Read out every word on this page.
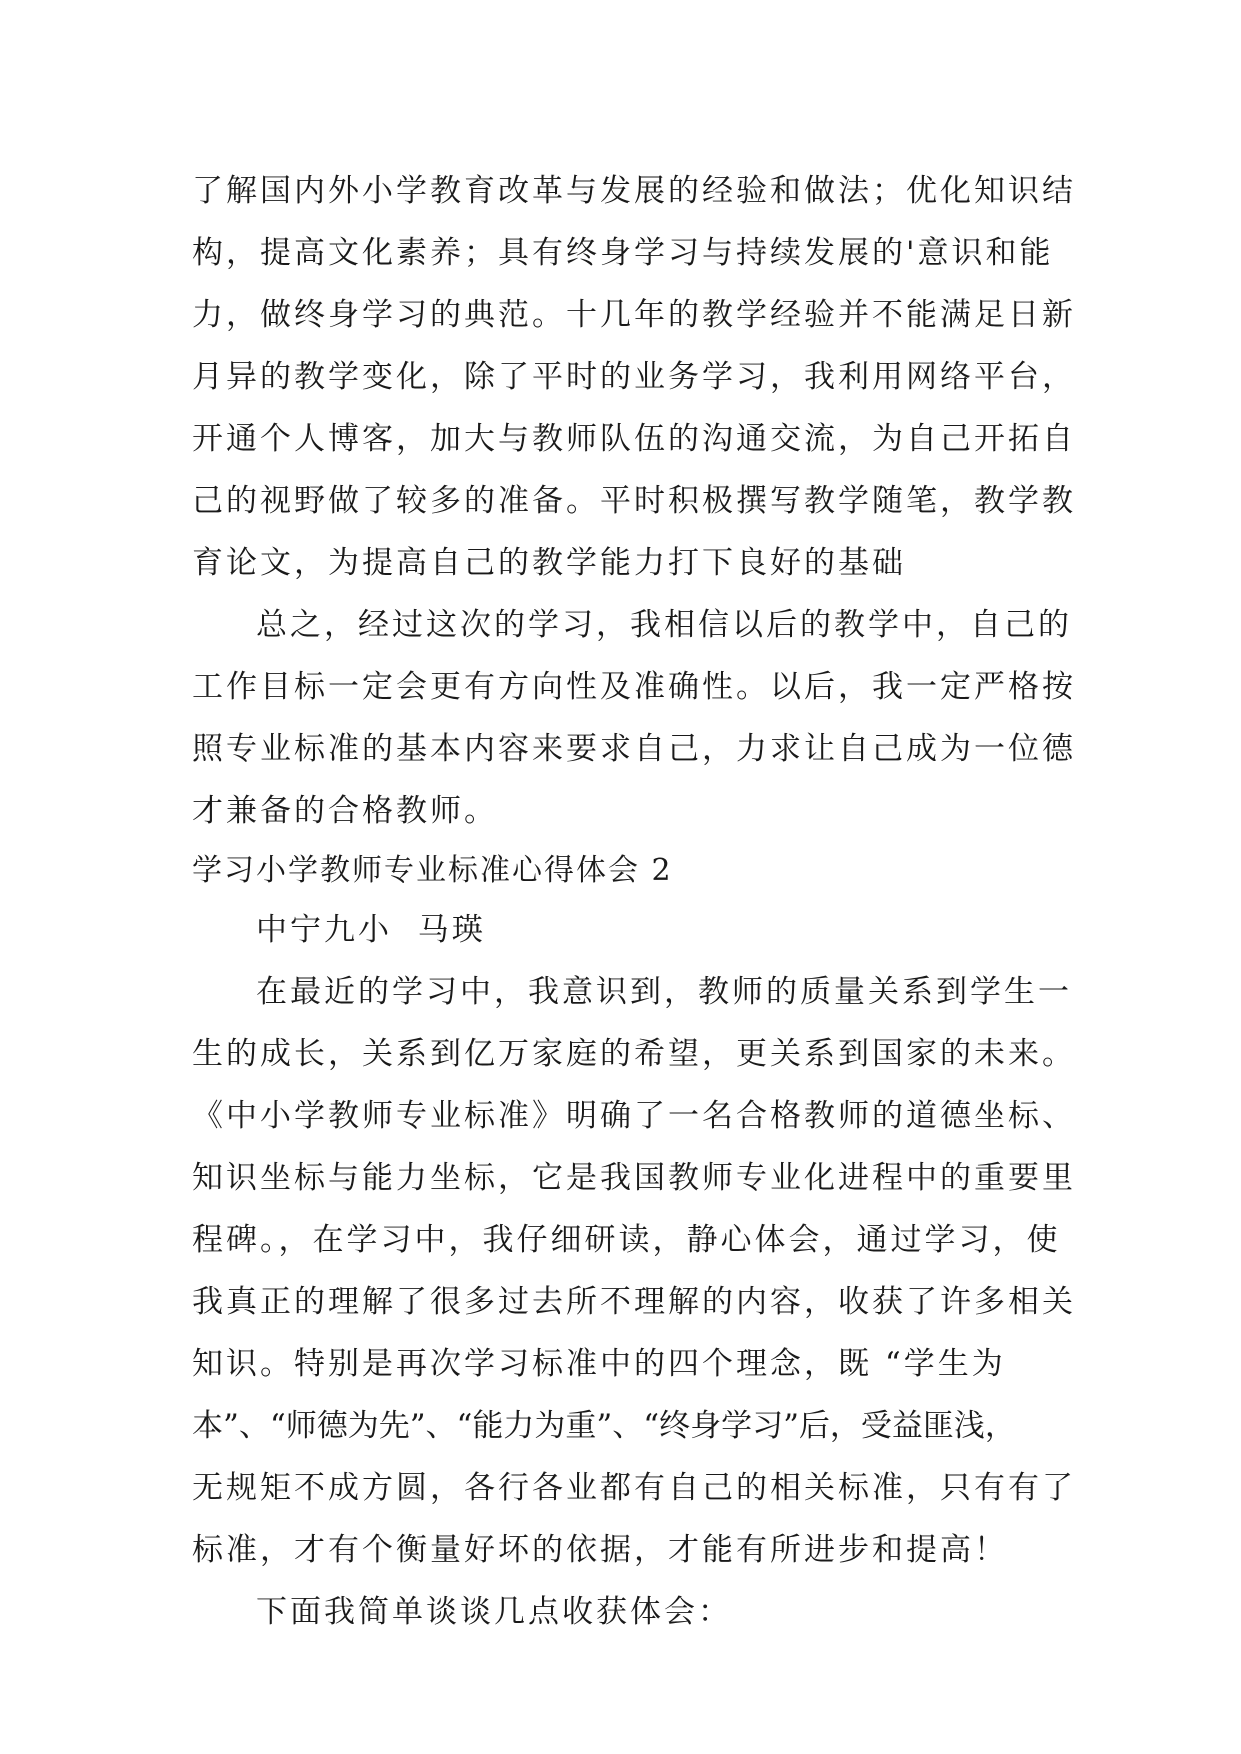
了解国内外小学教育改革与发展的经验和做法；优化知识结
构，提高文化素养；具有终身学习与持续发展的'意识和能
力，做终身学习的典范。十几年的教学经验并不能满足日新
月异的教学变化，除了平时的业务学习，我利用网络平台，
开通个人博客，加大与教师队伍的沟通交流，为自己开拓自
己的视野做了较多的准备。平时积极撰写教学随笔，教学教
育论文，为提高自己的教学能力打下良好的基础
总之，经过这次的学习，我相信以后的教学中，自己的
工作目标一定会更有方向性及准确性。以后，我一定严格按
照专业标准的基本内容来要求自己，力求让自己成为一位德
才兼备的合格教师。
学习小学教师专业标准心得体会 2
中宁九小  马瑛
在最近的学习中，我意识到，教师的质量关系到学生一
生的成长，关系到亿万家庭的希望，更关系到国家的未来。
《中小学教师专业标准》明确了一名合格教师的道德坐标、
知识坐标与能力坐标，它是我国教师专业化进程中的重要里
程碑。，在学习中，我仔细研读，静心体会，通过学习，使
我真正的理解了很多过去所不理解的内容，收获了许多相关
知识。特别是再次学习标准中的四个理念，既 “学生为
本”、“师德为先”、“能力为重”、“终身学习”后，受益匪浅，
无规矩不成方圆，各行各业都有自己的相关标准，只有有了
标准，才有个衡量好坏的依据，才能有所进步和提高！
下面我简单谈谈几点收获体会：
